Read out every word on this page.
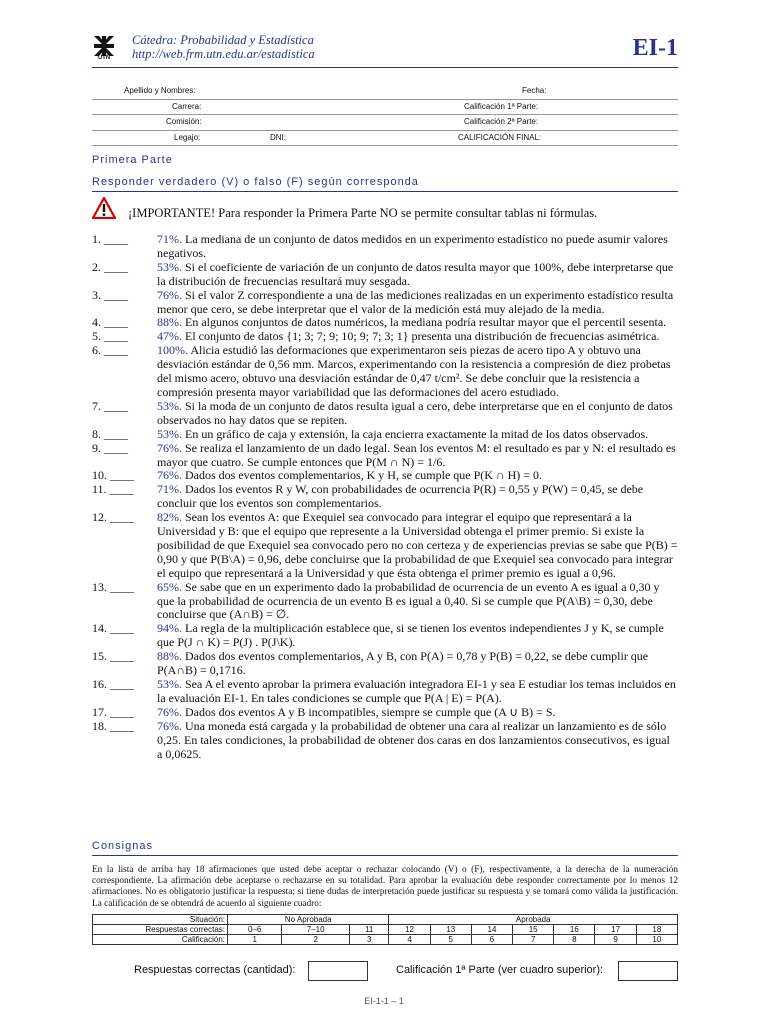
UTN
Cátedra: Probabilidad y Estadística
http://web.frm.utn.edu.ar/estadistica	EI-1
Apellido y Nombres:	Fecha:
Carrera:	Calificación 1ª Parte:
Comisión:	Calificación 2ª Parte:
Legajo:	DNI:	CALIFICACIÓN FINAL:
Primera Parte
Responder verdadero (V) o falso (F) según corresponda
¡IMPORTANTE! Para responder la Primera Parte NO se permite consultar tablas ni fórmulas.
1. ____ 71%. La mediana de un conjunto de datos medidos en un experimento estadístico no puede asumir valores negativos.
2. ____ 53%. Si el coeficiente de variación de un conjunto de datos resulta mayor que 100%, debe interpretarse que la distribución de frecuencias resultará muy sesgada.
3. ____ 76%. Si el valor Z correspondiente a una de las mediciones realizadas en un experimento estadístico resulta menor que cero, se debe interpretar que el valor de la medición está muy alejado de la media.
4. ____ 88%. En algunos conjuntos de datos numéricos, la mediana podría resultar mayor que el percentil sesenta.
5. ____ 47%. El conjunto de datos {1; 3; 7; 9; 10; 9; 7; 3; 1} presenta una distribución de frecuencias asimétrica.
6. ____ 100%. Alicia estudió las deformaciones que experimentaron seis piezas de acero tipo A y obtuvo una desviación estándar de 0,56 mm. Marcos, experimentando con la resistencia a compresión de diez probetas del mismo acero, obtuvo una desviación estándar de 0,47 t/cm². Se debe concluir que la resistencia a compresión presenta mayor variabilidad que las deformaciones del acero estudiado.
7. ____ 53%. Si la moda de un conjunto de datos resulta igual a cero, debe interpretarse que en el conjunto de datos observados no hay datos que se repiten.
8. ____ 53%. En un gráfico de caja y extensión, la caja encierra exactamente la mitad de los datos observados.
9. ____ 76%. Se realiza el lanzamiento de un dado legal. Sean los eventos M: el resultado es par y N: el resultado es mayor que cuatro. Se cumple entonces que P(M ∩ N) = 1/6.
10. ____ 76%. Dados dos eventos complementarios, K y H, se cumple que P(K ∩ H) = 0.
11. ____ 71%. Dados los eventos R y W, con probabilidades de ocurrencia P(R) = 0,55 y P(W) = 0,45, se debe concluir que los eventos son complementarios.
12. ____ 82%. Sean los eventos A: que Exequiel sea convocado para integrar el equipo que representará a la Universidad y B: que el equipo que represente a la Universidad obtenga el primer premio. Si existe la posibilidad de que Exequiel sea convocado pero no con certeza y de experiencias previas se sabe que P(B) = 0,90 y que P(B\A) = 0,96, debe concluirse que la probabilidad de que Exequiel sea convocado para integrar el equipo que representará a la Universidad y que ésta obtenga el primer premio es igual a 0,96.
13. ____ 65%. Se sabe que en un experimento dado la probabilidad de ocurrencia de un evento A es igual a 0,30 y que la probabilidad de ocurrencia de un evento B es igual a 0,40. Si se cumple que P(A\B) = 0,30, debe concluirse que (A∩B) = ∅.
14. ____ 94%. La regla de la multiplicación establece que, si se tienen los eventos independientes J y K, se cumple que P(J ∩ K) = P(J) . P(J\K).
15. ____ 88%. Dados dos eventos complementarios, A y B, con P(A) = 0,78 y P(B) = 0,22, se debe cumplir que P(A∩B) = 0,1716.
16. ____ 53%. Sea A el evento aprobar la primera evaluación integradora EI-1 y sea E estudiar los temas incluidos en la evaluación EI-1. En tales condiciones se cumple que P(A | E) = P(A).
17. ____ 76%. Dados dos eventos A y B incompatibles, siempre se cumple que (A ∪ B) = S.
18. ____ 76%. Una moneda está cargada y la probabilidad de obtener una cara al realizar un lanzamiento es de sólo 0,25. En tales condiciones, la probabilidad de obtener dos caras en dos lanzamientos consecutivos, es igual a 0,0625.
Consignas
En la lista de arriba hay 18 afirmaciones que usted debe aceptar o rechazar colocando (V) o (F), respectivamente, a la derecha de la numeración correspondiente. La afirmación debe aceptarse o rechazarse en su totalidad. Para aprobar la evaluación debe responder correctamente por lo menos 12 afirmaciones. No es obligatorio justificar la respuesta; si tiene dudas de interpretación puede justificar su respuesta y se tomará como válida la justificación. La calificación de se obtendrá de acuerdo al siguiente cuadro:
Situación:	No Aprobada			Aprobada						
Respuestas correctas:	0–6	7–10	11	12	13	14	15	16	17	18
Calificación:	1	2	3	4	5	6	7	8	9	10
Respuestas correctas (cantidad):	Calificación 1ª Parte (ver cuadro superior):
EI-1-1 – 1
